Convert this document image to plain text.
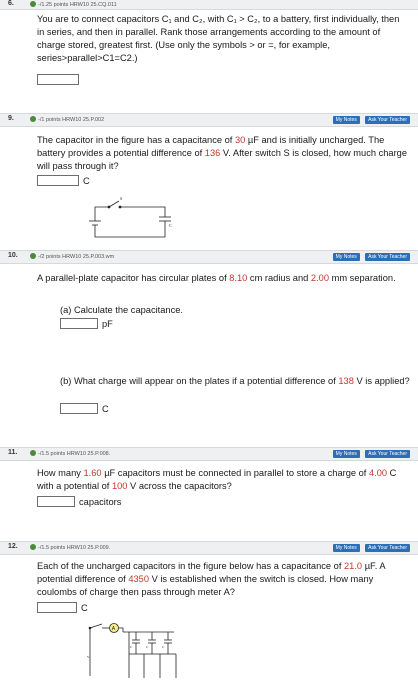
6.	-/1.25 points HRW10 25.CQ.011
You are to connect capacitors C₁ and C₂, with C₁ > C₂, to a battery, first individually, then in series, and then in parallel. Rank those arrangements according to the amount of charge stored, greatest first. (Use only the symbols > or =, for example, series>parallel>C1=C2.)
9.	-/1 points HRW10 25.P.002	My Notes Ask Your Teacher
The capacitor in the figure has a capacitance of 30 µF and is initially uncharged. The battery provides a potential difference of 136 V. After switch S is closed, how much charge will pass through it?
C
S
C
10.	-/2 points HRW10 25.P.003.wm	My Notes Ask Your Teacher
A parallel-plate capacitor has circular plates of 8.10 cm radius and 2.00 mm separation.
(a) Calculate the capacitance.
pF
(b) What charge will appear on the plates if a potential difference of 138 V is applied?
C
11.	-/1.5 points HRW10 25.P.008.	My Notes Ask Your Teacher
How many 1.60 µF capacitors must be connected in parallel to store a charge of 4.00 C with a potential of 100 V across the capacitors?
capacitors
12.	-/1.5 points HRW10 25.P.009.	My Notes Ask Your Teacher
Each of the uncharged capacitors in the figure below has a capacitance of 21.0 µF. A potential difference of 4350 V is established when the switch is closed. How many coulombs of charge then pass through meter A?
C
A
C	C	C
V
